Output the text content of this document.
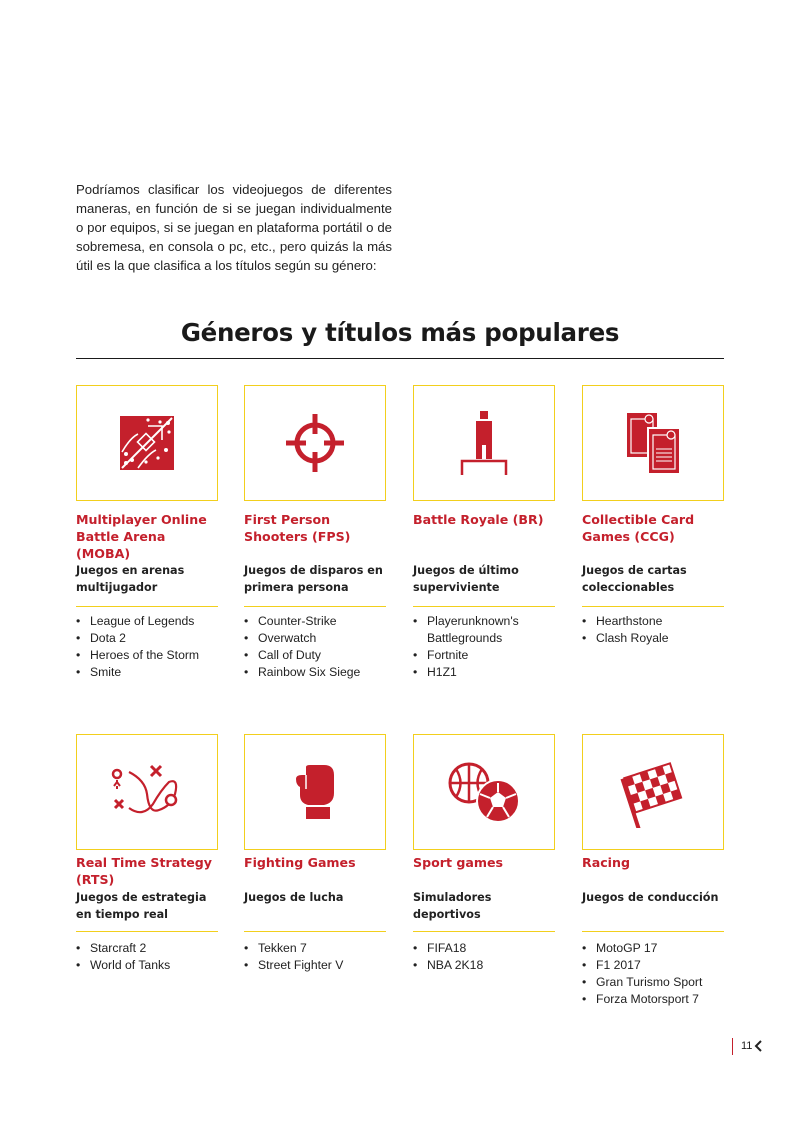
Podríamos clasificar los videojuegos de diferentes maneras, en función de si se juegan individualmente o por equipos, si se juegan en plataforma portátil o de sobremesa, en consola o pc, etc., pero quizás la más útil es la que clasifica a los títulos según su género:

Géneros y títulos más populares

Multiplayer Online Battle Arena (MOBA)

Juegos en arenas multijugador

• League of Legends
• Dota 2
• Heroes of the Storm
• Smite

First Person Shooters (FPS)

Juegos de disparos en primera persona

• Counter-Strike
• Overwatch
• Call of Duty
• Rainbow Six Siege

Battle Royale (BR)

Juegos de último superviviente

• Playerunknown's Battlegrounds
• Fortnite
• H1Z1

Collectible Card Games (CCG)

Juegos de cartas coleccionables

• Hearthstone
• Clash Royale

Real Time Strategy (RTS)

Juegos de estrategia en tiempo real

• Starcraft 2
• World of Tanks

Fighting Games

Juegos de lucha

• Tekken 7
• Street Fighter V

Sport games

Simuladores deportivos

• FIFA18
• NBA 2K18

Racing

Juegos de conducción

• MotoGP 17
• F1 2017
• Gran Turismo Sport
• Forza Motorsport 7
11
